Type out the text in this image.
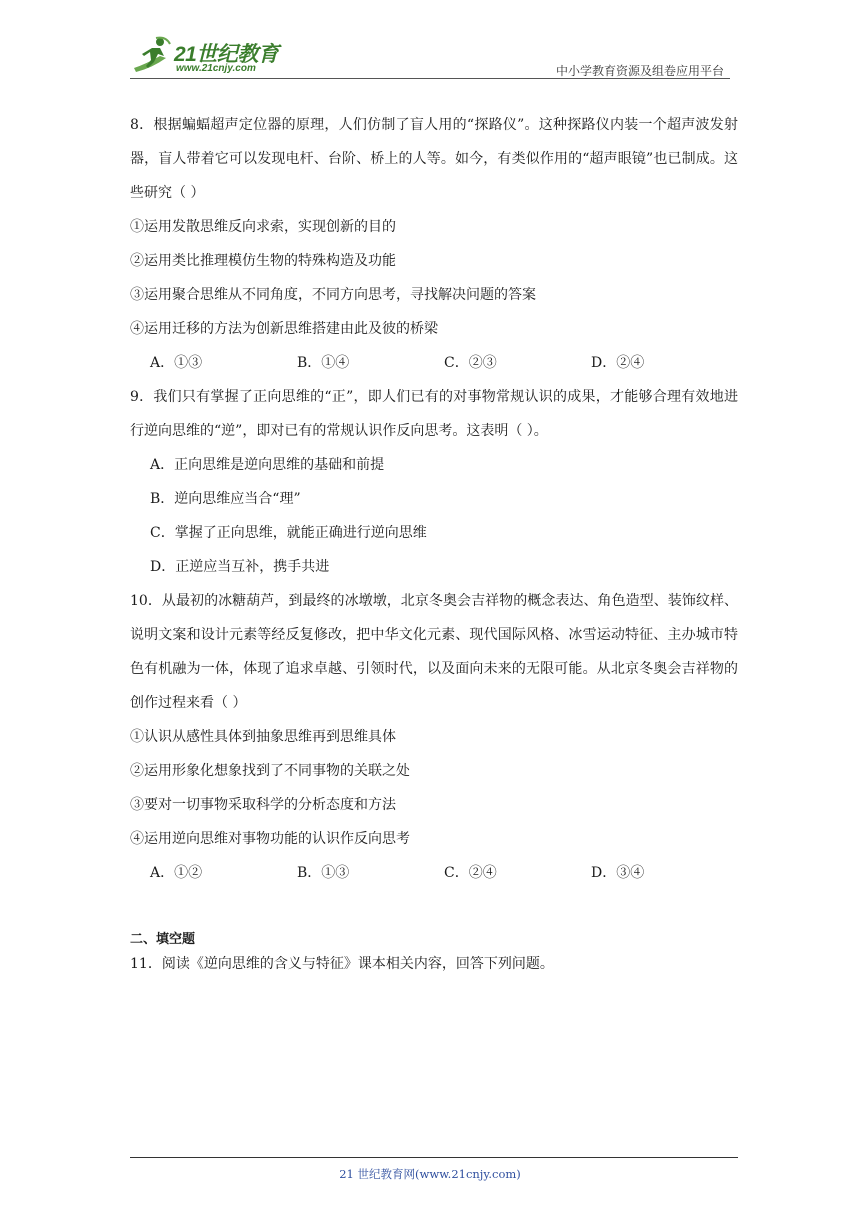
21世纪教育
www.21cnjy.com	中小学教育资源及组卷应用平台

8．根据蝙蝠超声定位器的原理，人们仿制了盲人用的“探路仪”。这种探路仪内装一个超声波发射器，盲人带着它可以发现电杆、台阶、桥上的人等。如今，有类似作用的“超声眼镜”也已制成。这些研究（ ）

①运用发散思维反向求索，实现创新的目的

②运用类比推理模仿生物的特殊构造及功能

③运用聚合思维从不同角度，不同方向思考，寻找解决问题的答案

④运用迁移的方法为创新思维搭建由此及彼的桥梁

A．①③	B．①④	C．②③	D．②④

9．我们只有掌握了正向思维的“正”，即人们已有的对事物常规认识的成果，才能够合理有效地进行逆向思维的“逆”，即对已有的常规认识作反向思考。这表明（ ）。

A．正向思维是逆向思维的基础和前提

B．逆向思维应当合“理”

C．掌握了正向思维，就能正确进行逆向思维

D．正逆应当互补，携手共进

10．从最初的冰糖葫芦，到最终的冰墩墩，北京冬奥会吉祥物的概念表达、角色造型、装饰纹样、说明文案和设计元素等经反复修改，把中华文化元素、现代国际风格、冰雪运动特征、主办城市特色有机融为一体，体现了追求卓越、引领时代，以及面向未来的无限可能。从北京冬奥会吉祥物的创作过程来看（ ）

①认识从感性具体到抽象思维再到思维具体

②运用形象化想象找到了不同事物的关联之处

③要对一切事物采取科学的分析态度和方法

④运用逆向思维对事物功能的认识作反向思考

A．①②	B．①③	C．②④	D．③④
二、填空题

11．阅读《逆向思维的含义与特征》课本相关内容，回答下列问题。

21 世纪教育网(www.21cnjy.com)
